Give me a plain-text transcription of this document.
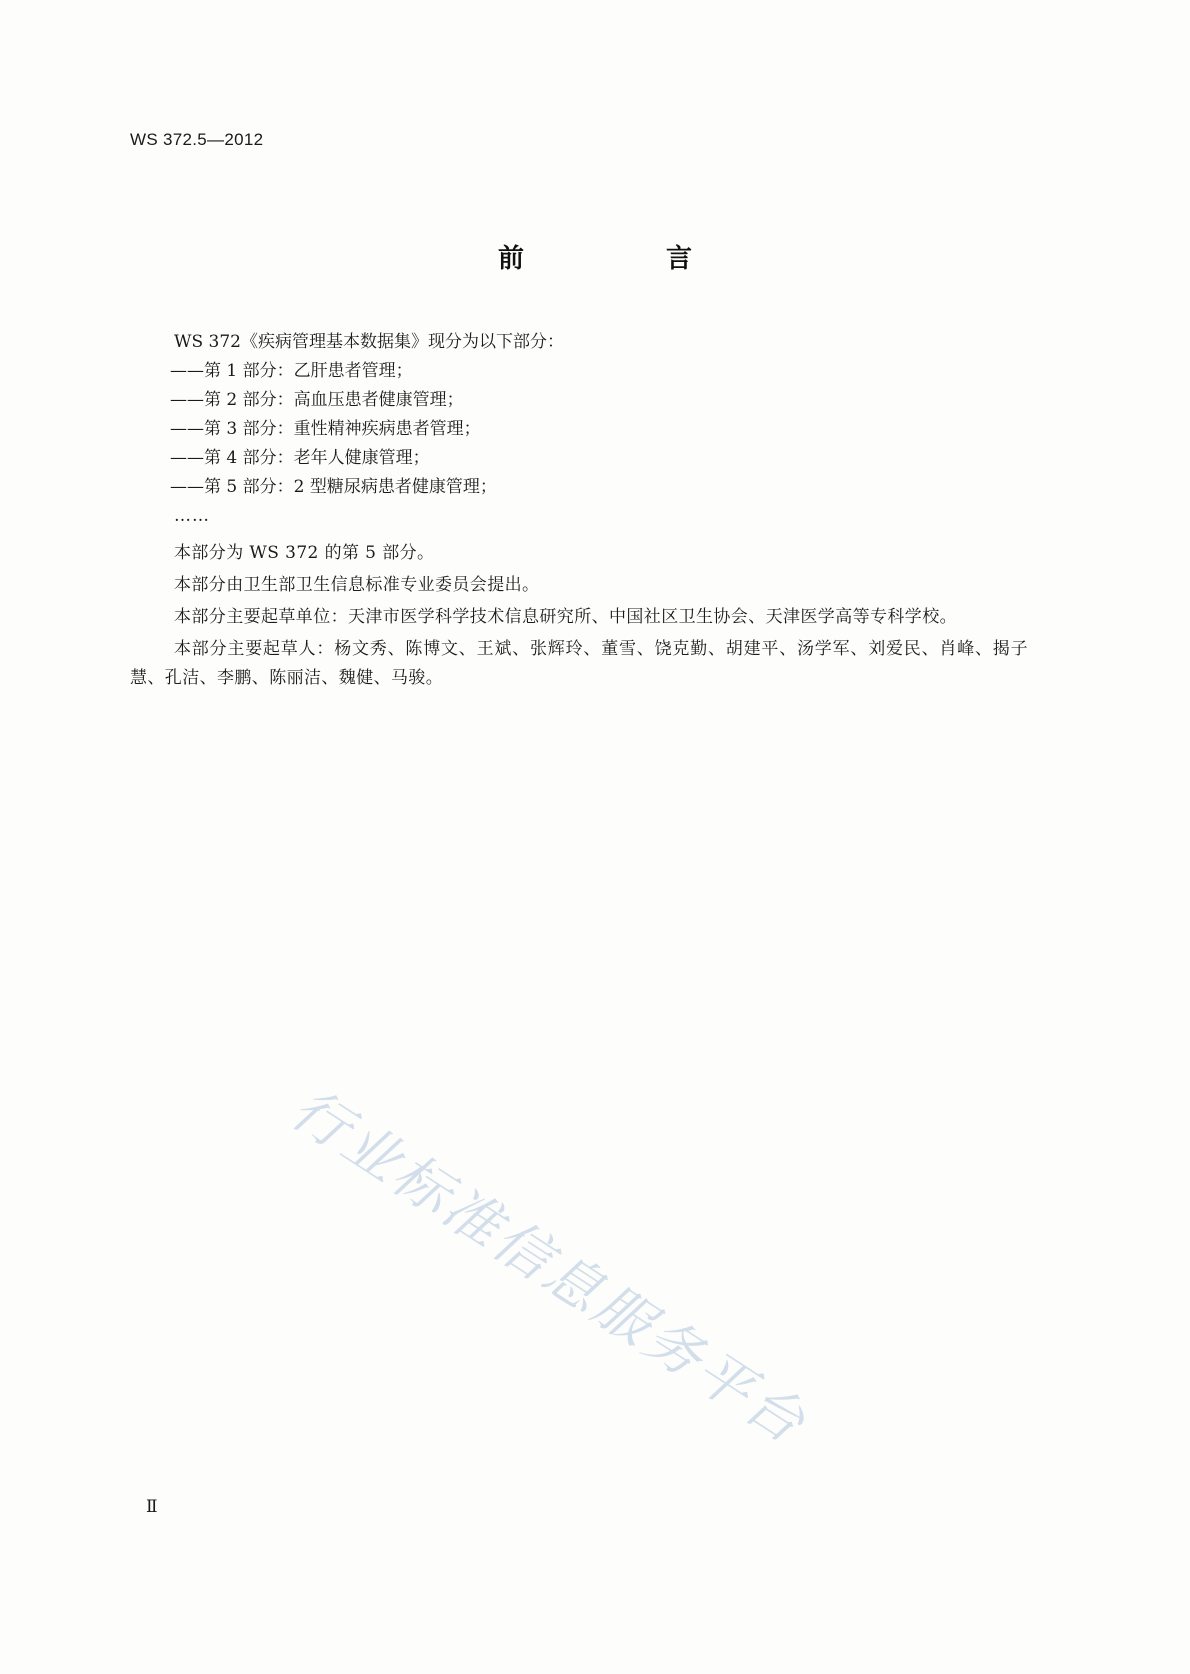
WS 372.5—2012
前　言
WS 372《疾病管理基本数据集》现分为以下部分：
——第 1 部分：乙肝患者管理；
——第 2 部分：高血压患者健康管理；
——第 3 部分：重性精神疾病患者管理；
——第 4 部分：老年人健康管理；
——第 5 部分：2 型糖尿病患者健康管理；
……
本部分为 WS 372 的第 5 部分。
本部分由卫生部卫生信息标准专业委员会提出。
本部分主要起草单位：天津市医学科学技术信息研究所、中国社区卫生协会、天津医学高等专科学校。
本部分主要起草人：杨文秀、陈博文、王斌、张辉玲、董雪、饶克勤、胡建平、汤学军、刘爱民、肖峰、揭子慧、孔洁、李鹏、陈丽洁、魏健、马骏。
行业标准信息服务平台
Ⅱ
